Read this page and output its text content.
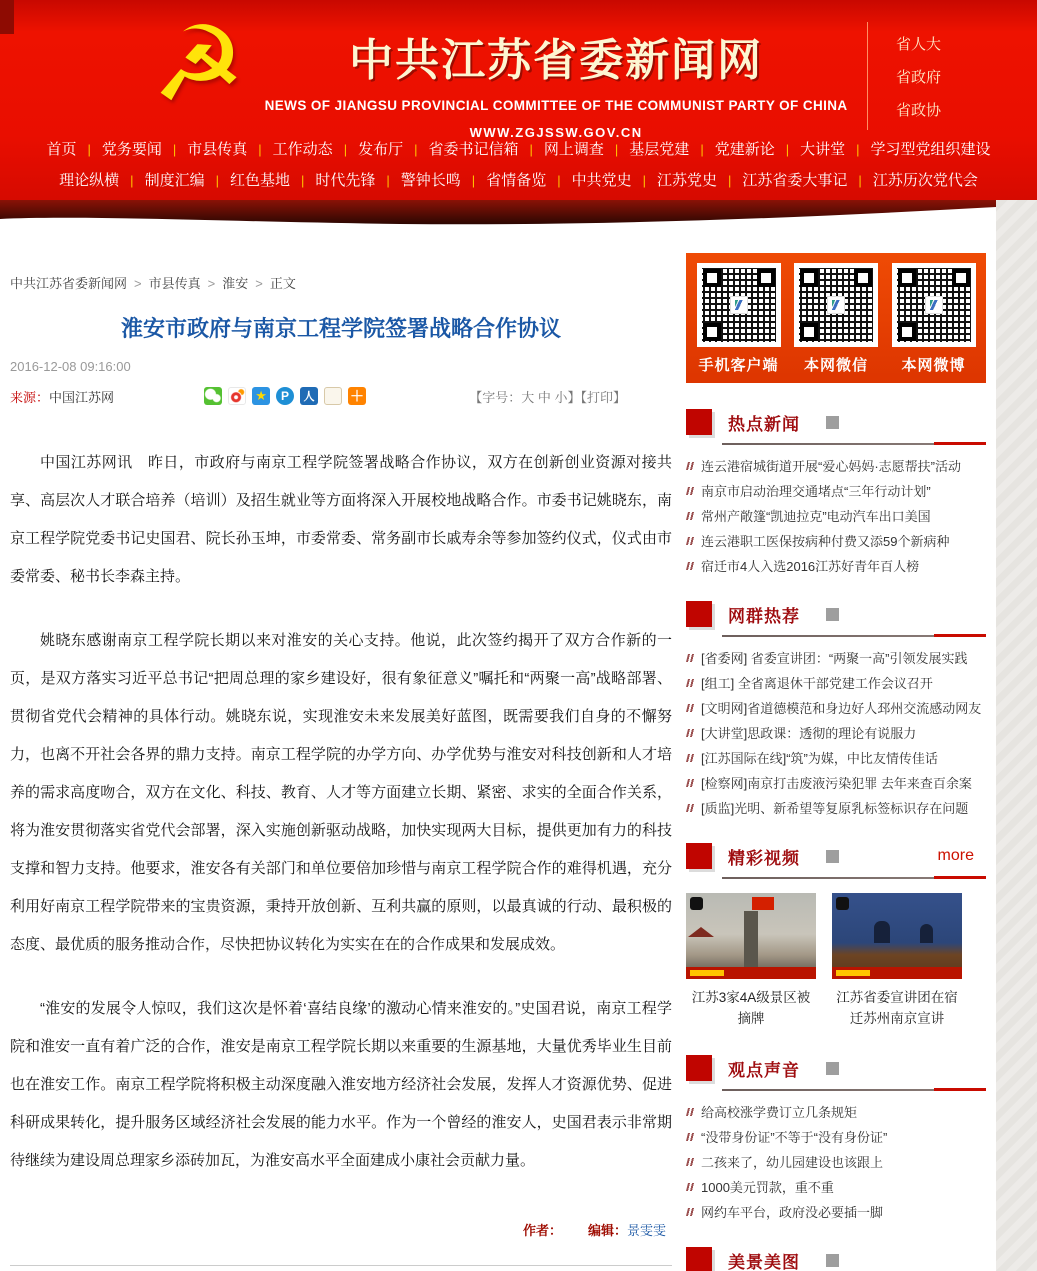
☭	中共江苏省委新闻网
NEWS OF JIANGSU PROVINCIAL COMMITTEE OF THE COMMUNIST PARTY OF CHINA
WWW.ZGJSSW.GOV.CN
省人大
省政府
省政协
首页 |	党务要闻 |	市县传真 |	工作动态 |	发布厅 |	省委书记信箱 |	网上调查 |	基层党建 |	党建新论 |	大讲堂 |	学习型党组织建设
理论纵横 |	制度汇编 |	红色基地 |	时代先锋 |	警钟长鸣 |	省情备览 |	中共党史 |	江苏党史 |	江苏省委大事记 |	江苏历次党代会
中共江苏省委新闻网 >	市县传真 >	淮安 >	正文
淮安市政府与南京工程学院签署战略合作协议
2016-12-08 09:16:00
来源： 中国江苏网	★	P	人	＋	【字号：大 中 小】【打印】

中国江苏网讯　昨日，市政府与南京工程学院签署战略合作协议，双方在创新创业资源对接共享、高层次人才联合培养（培训）及招生就业等方面将深入开展校地战略合作。市委书记姚晓东，南京工程学院党委书记史国君、院长孙玉坤，市委常委、常务副市长戚寿余等参加签约仪式，仪式由市委常委、秘书长李森主持。

姚晓东感谢南京工程学院长期以来对淮安的关心支持。他说，此次签约揭开了双方合作新的一页，是双方落实习近平总书记“把周总理的家乡建设好，很有象征意义”嘱托和“两聚一高”战略部署、贯彻省党代会精神的具体行动。姚晓东说，实现淮安未来发展美好蓝图，既需要我们自身的不懈努力，也离不开社会各界的鼎力支持。南京工程学院的办学方向、办学优势与淮安对科技创新和人才培养的需求高度吻合，双方在文化、科技、教育、人才等方面建立长期、紧密、求实的全面合作关系，将为淮安贯彻落实省党代会部署，深入实施创新驱动战略，加快实现两大目标，提供更加有力的科技支撑和智力支持。他要求，淮安各有关部门和单位要倍加珍惜与南京工程学院合作的难得机遇，充分利用好南京工程学院带来的宝贵资源，秉持开放创新、互利共赢的原则，以最真诚的行动、最积极的态度、最优质的服务推动合作，尽快把协议转化为实实在在的合作成果和发展成效。

“淮安的发展令人惊叹，我们这次是怀着‘喜结良缘’的激动心情来淮安的。”史国君说，南京工程学院和淮安一直有着广泛的合作，淮安是南京工程学院长期以来重要的生源基地，大量优秀毕业生目前也在淮安工作。南京工程学院将积极主动深度融入淮安地方经济社会发展，发挥人才资源优势、促进科研成果转化，提升服务区域经济社会发展的能力水平。作为一个曾经的淮安人，史国君表示非常期待继续为建设周总理家乡添砖加瓦，为淮安高水平全面建成小康社会贡献力量。

作者： 编辑：景雯雯
手机客户端	本网微信	本网微博
热点新闻
连云港宿城街道开展“爱心妈妈·志愿帮扶”活动
南京市启动治理交通堵点“三年行动计划”
常州产敞篷“凯迪拉克”电动汽车出口美国
连云港职工医保按病种付费又添59个新病种
宿迁市4人入选2016江苏好青年百人榜
网群热荐
[省委网] 省委宣讲团：“两聚一高”引领发展实践
[组工] 全省离退休干部党建工作会议召开
[文明网]省道德模范和身边好人邳州交流感动网友
[大讲堂]思政课：透彻的理论有说服力
[江苏国际在线]“筑”为媒，中比友情传佳话
[检察网]南京打击废液污染犯罪 去年来查百余案
[质监]光明、新希望等复原乳标签标识存在问题
精彩视频	more
江苏3家4A级景区被摘牌
江苏省委宣讲团在宿迁苏州南京宣讲
观点声音
给高校涨学费订立几条规矩
“没带身份证”不等于“没有身份证”
二孩来了，幼儿园建设也该跟上
1000美元罚款，重不重
网约车平台，政府没必要插一脚
美景美图
